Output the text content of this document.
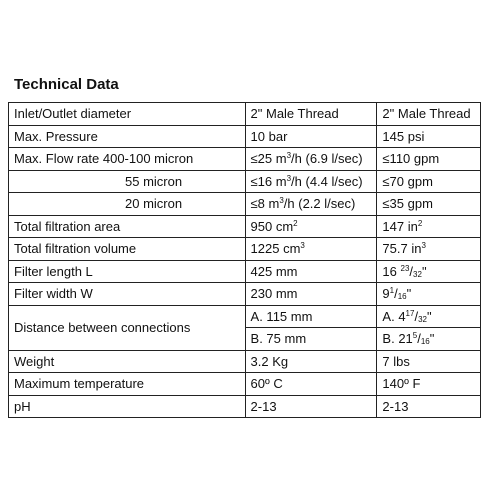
Technical Data
Inlet/Outlet diameter	2" Male Thread	2" Male Thread
Max. Pressure	10 bar	145 psi
Max. Flow rate 400-100 micron	≤25 $m^3/h$ (6.9 l/sec)	≤110 gpm
55 micron	≤16 $m^3/h$ (4.4 l/sec)	≤70 gpm
20 micron	≤8 $m^3/h$ (2.2 l/sec)	≤35 gpm
Total filtration area	950 $cm^2$	147 $in^2$
Total filtration volume	1225 $cm^3$	75.7 $in^3$
Filter length L	425 mm	16 $^{23}/_{32}$"
Filter width W	230 mm	$9^1/_{16}$"
Distance between connections	A. 115 mm	A. $4^{17}/_{32}$"
	B. 75 mm	B. $21^5/_{16}$"
Weight	3.2 Kg	7 lbs
Maximum temperature	60º C	140º F
pH	2-13	2-13
